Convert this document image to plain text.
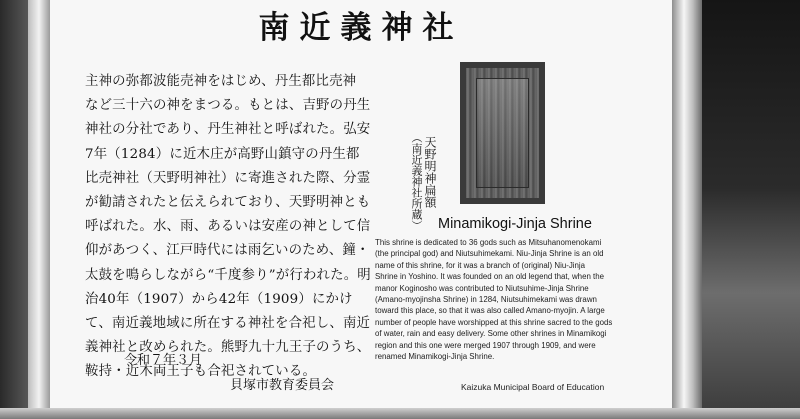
南近義神社
主神の弥都波能売神をはじめ、丹生都比売神
など三十六の神をまつる。もとは、吉野の丹生
神社の分社であり、丹生神社と呼ばれた。弘安
7年（1284）に近木庄が高野山鎮守の丹生都
比売神社（天野明神社）に寄進された際、分霊
が勧請されたと伝えられており、天野明神とも
呼ばれた。水、雨、あるいは安産の神として信
仰があつく、江戸時代には雨乞いのため、鐘・
太鼓を鳴らしながら“千度参り”が行われた。明
治40年（1907）から42年（1909）にかけ
て、南近義地域に所在する神社を合祀し、南近
義神社と改められた。熊野九十九王子のうち、
鞍持・近木両王子も合祀されている。
令和７年３月
貝塚市教育委員会
天野明神扁額
（南近義神社所蔵） Minamikogi-Jinja Shrine
This shrine is dedicated to 36 gods such as Mitsuhanomenokami
(the principal god) and Niutsuhimekami. Niu-Jinja Shrine is an old
name of this shrine, for it was a branch of (original) Niu-Jinja
Shrine in Yoshino. It was founded on an old legend that, when the
manor Koginosho was contributed to Niutsuhime-Jinja Shrine
(Amano-myojinsha Shrine) in 1284, Niutsuhimekami was drawn
toward this place, so that it was also called Amano-myojin. A large
number of people have worshipped at this shrine sacred to the gods
of water, rain and easy delivery. Some other shrines in Minamikogi
region and this one were merged 1907 through 1909, and were
renamed Minamikogi-Jinja Shrine.
Kaizuka Municipal Board of Education
